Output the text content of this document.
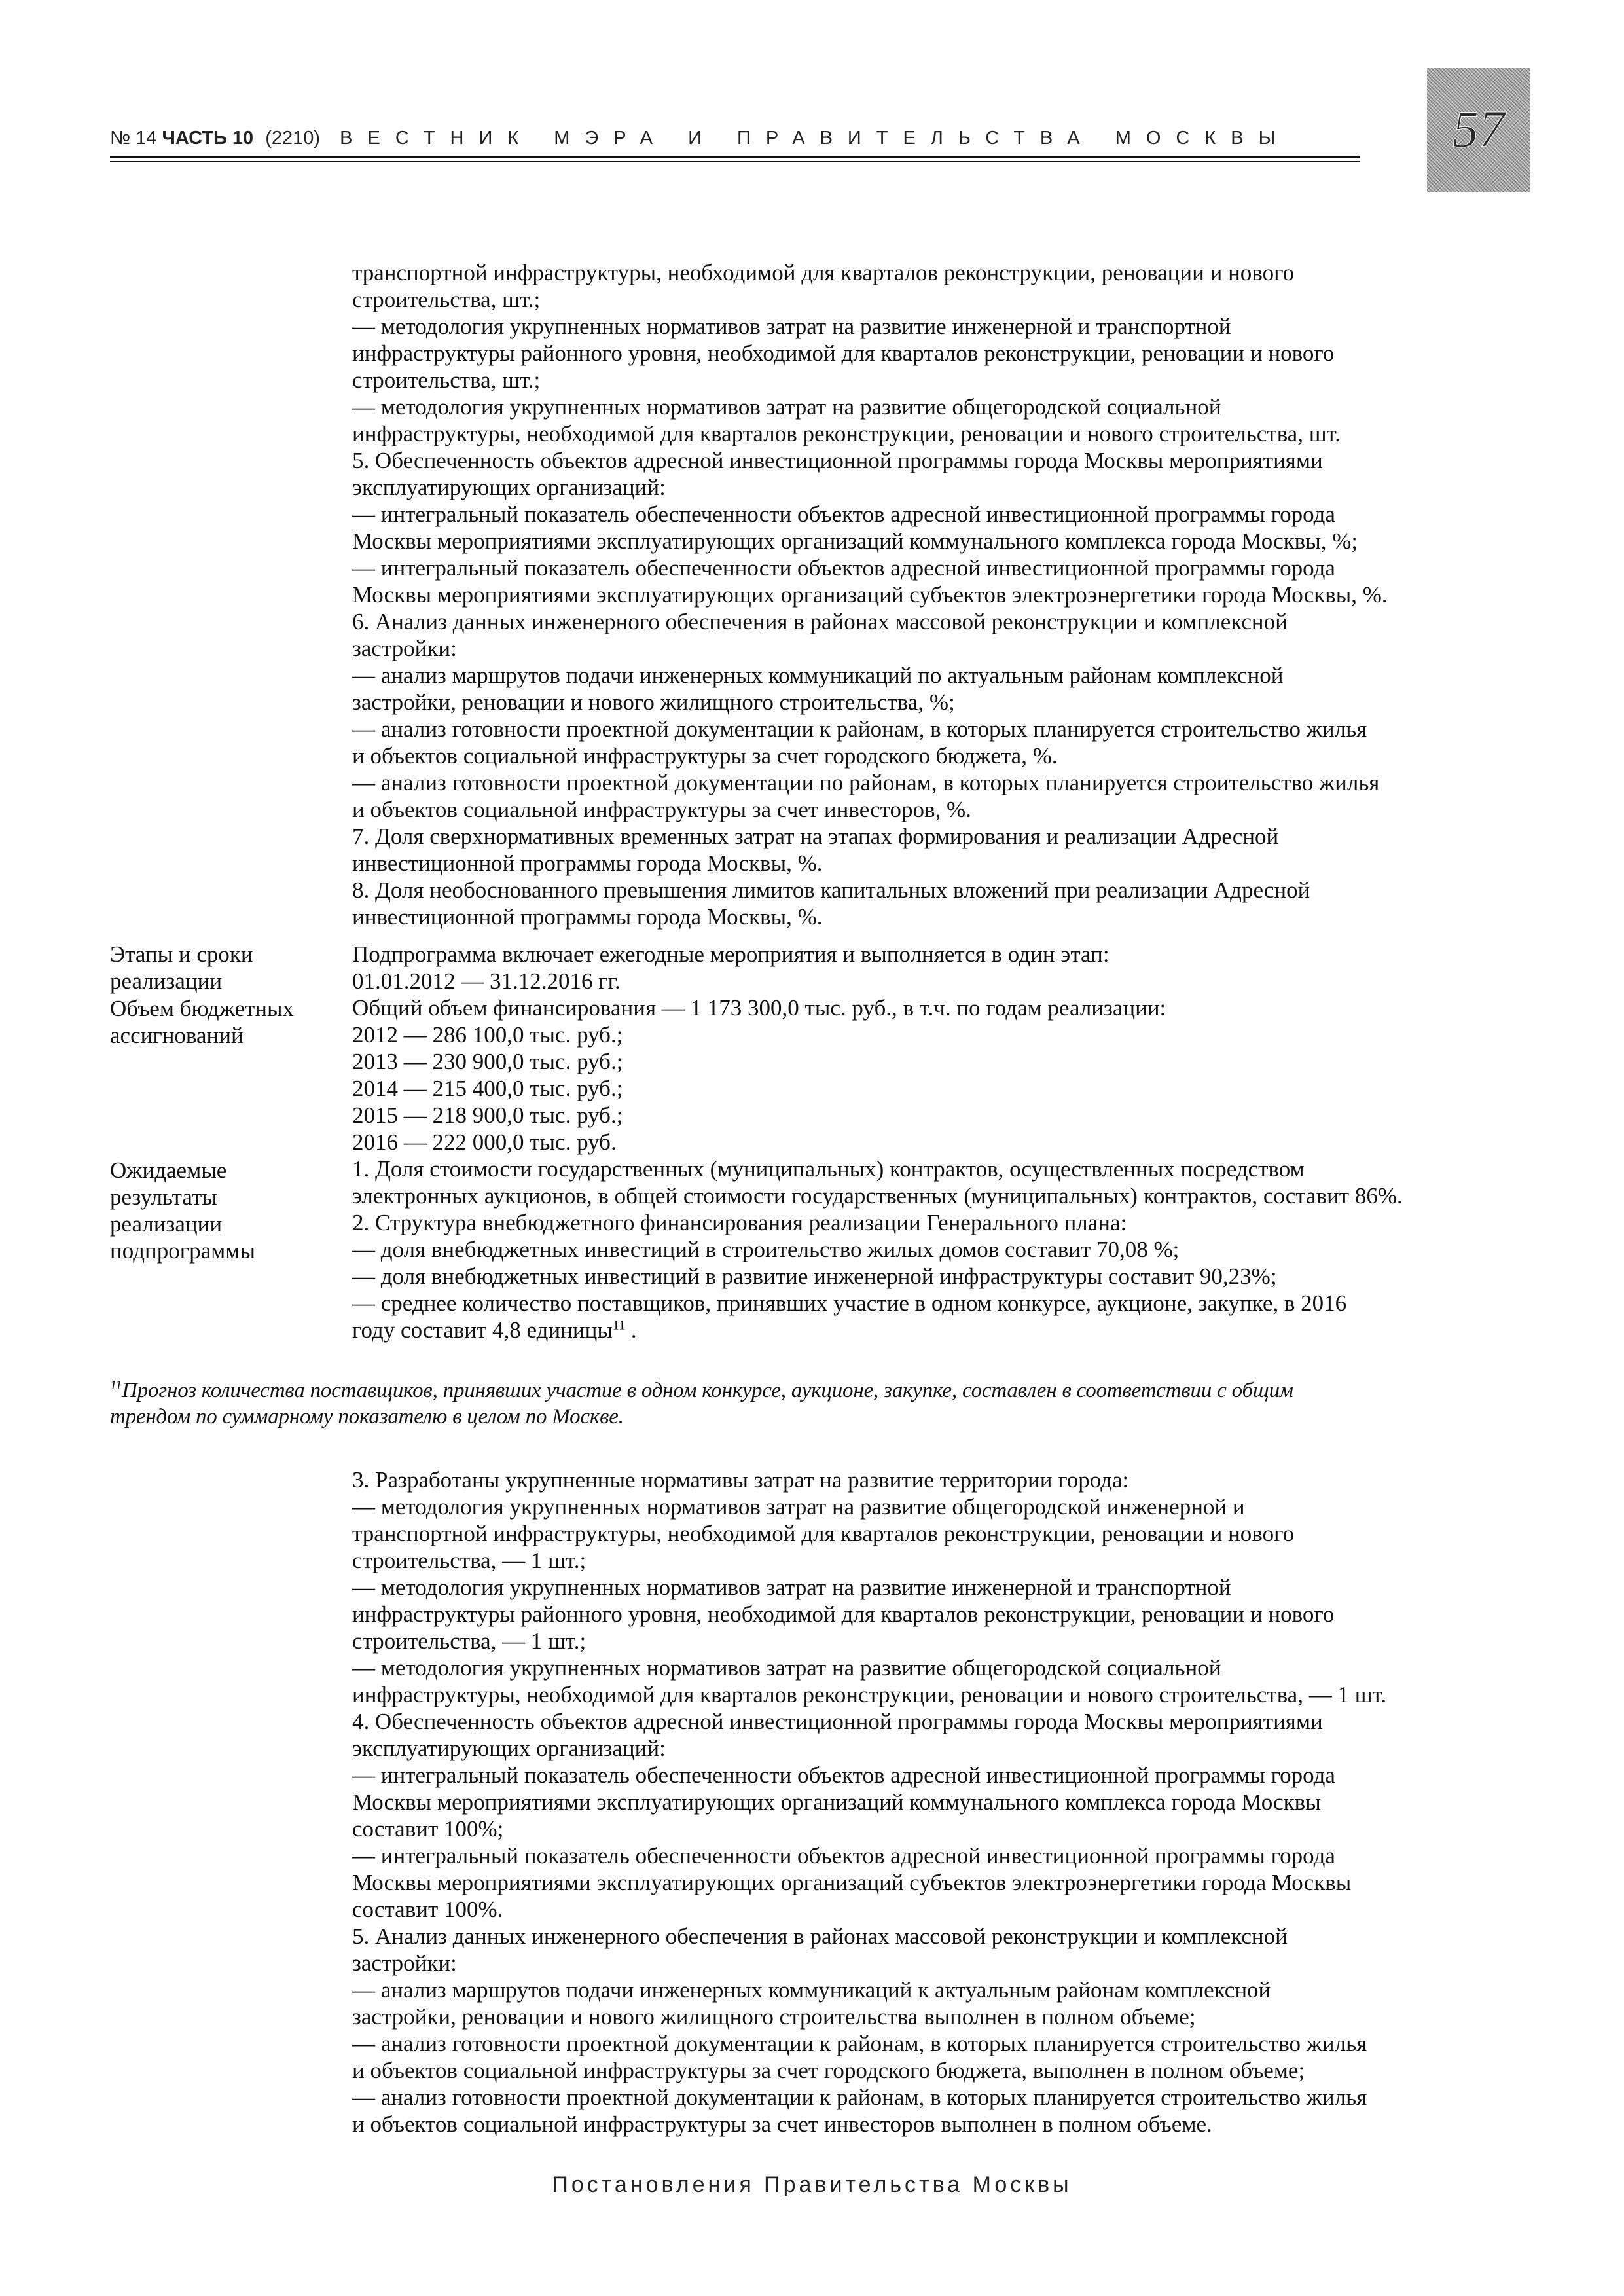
№ 14 ЧАСТЬ 10 (2210) ВЕСТНИК МЭРА И ПРАВИТЕЛЬСТВА МОСКВЫ	57
транспортной инфраструктуры, необходимой для кварталов реконструкции, реновации и нового
строительства, шт.;
— методология укрупненных нормативов затрат на развитие инженерной и транспортной
инфраструктуры районного уровня, необходимой для кварталов реконструкции, реновации и нового
строительства, шт.;
— методология укрупненных нормативов затрат на развитие общегородской социальной
инфраструктуры, необходимой для кварталов реконструкции, реновации и нового строительства, шт.
5. Обеспеченность объектов адресной инвестиционной программы города Москвы мероприятиями
эксплуатирующих организаций:
— интегральный показатель обеспеченности объектов адресной инвестиционной программы города
Москвы мероприятиями эксплуатирующих организаций коммунального комплекса города Москвы, %;
— интегральный показатель обеспеченности объектов адресной инвестиционной программы города
Москвы мероприятиями эксплуатирующих организаций субъектов электроэнергетики города Москвы, %.
6. Анализ данных инженерного обеспечения в районах массовой реконструкции и комплексной
застройки:
— анализ маршрутов подачи инженерных коммуникаций по актуальным районам комплексной
застройки, реновации и нового жилищного строительства, %;
— анализ готовности проектной документации к районам, в которых планируется строительство жилья
и объектов социальной инфраструктуры за счет городского бюджета, %.
— анализ готовности проектной документации по районам, в которых планируется строительство жилья
и объектов социальной инфраструктуры за счет инвесторов, %.
7. Доля сверхнормативных временных затрат на этапах формирования и реализации Адресной
инвестиционной программы города Москвы, %.
8. Доля необоснованного превышения лимитов капитальных вложений при реализации Адресной
инвестиционной программы города Москвы, %.
Этапы и сроки
реализации
Объем бюджетных
ассигнований
Ожидаемые
результаты
реализации
подпрограммы
Подпрограмма включает ежегодные мероприятия и выполняется в один этап:
01.01.2012 — 31.12.2016 гг.
Общий объем финансирования — 1 173 300,0 тыс. руб., в т.ч. по годам реализации:
2012 — 286 100,0 тыс. руб.;
2013 — 230 900,0 тыс. руб.;
2014 — 215 400,0 тыс. руб.;
2015 — 218 900,0 тыс. руб.;
2016 — 222 000,0 тыс. руб.
1. Доля стоимости государственных (муниципальных) контрактов, осуществленных посредством
электронных аукционов, в общей стоимости государственных (муниципальных) контрактов, составит 86%.
2. Структура внебюджетного финансирования реализации Генерального плана:
— доля внебюджетных инвестиций в строительство жилых домов составит 70,08 %;
— доля внебюджетных инвестиций в развитие инженерной инфраструктуры составит 90,23%;
— среднее количество поставщиков, принявших участие в одном конкурсе, аукционе, закупке, в 2016
году составит 4,8 единицы$^{11}$ .
$^{11}$Прогноз количества поставщиков, принявших участие в одном конкурсе, аукционе, закупке, составлен в соответствии с общим
трендом по суммарному показателю в целом по Москве.
3. Разработаны укрупненные нормативы затрат на развитие территории города:
— методология укрупненных нормативов затрат на развитие общегородской инженерной и
транспортной инфраструктуры, необходимой для кварталов реконструкции, реновации и нового
строительства, — 1 шт.;
— методология укрупненных нормативов затрат на развитие инженерной и транспортной
инфраструктуры районного уровня, необходимой для кварталов реконструкции, реновации и нового
строительства, — 1 шт.;
— методология укрупненных нормативов затрат на развитие общегородской социальной
инфраструктуры, необходимой для кварталов реконструкции, реновации и нового строительства, — 1 шт.
4. Обеспеченность объектов адресной инвестиционной программы города Москвы мероприятиями
эксплуатирующих организаций:
— интегральный показатель обеспеченности объектов адресной инвестиционной программы города
Москвы мероприятиями эксплуатирующих организаций коммунального комплекса города Москвы
составит 100%;
— интегральный показатель обеспеченности объектов адресной инвестиционной программы города
Москвы мероприятиями эксплуатирующих организаций субъектов электроэнергетики города Москвы
составит 100%.
5. Анализ данных инженерного обеспечения в районах массовой реконструкции и комплексной
застройки:
— анализ маршрутов подачи инженерных коммуникаций к актуальным районам комплексной
застройки, реновации и нового жилищного строительства выполнен в полном объеме;
— анализ готовности проектной документации к районам, в которых планируется строительство жилья
и объектов социальной инфраструктуры за счет городского бюджета, выполнен в полном объеме;
— анализ готовности проектной документации к районам, в которых планируется строительство жилья
и объектов социальной инфраструктуры за счет инвесторов выполнен в полном объеме.
Постановления Правительства Москвы
